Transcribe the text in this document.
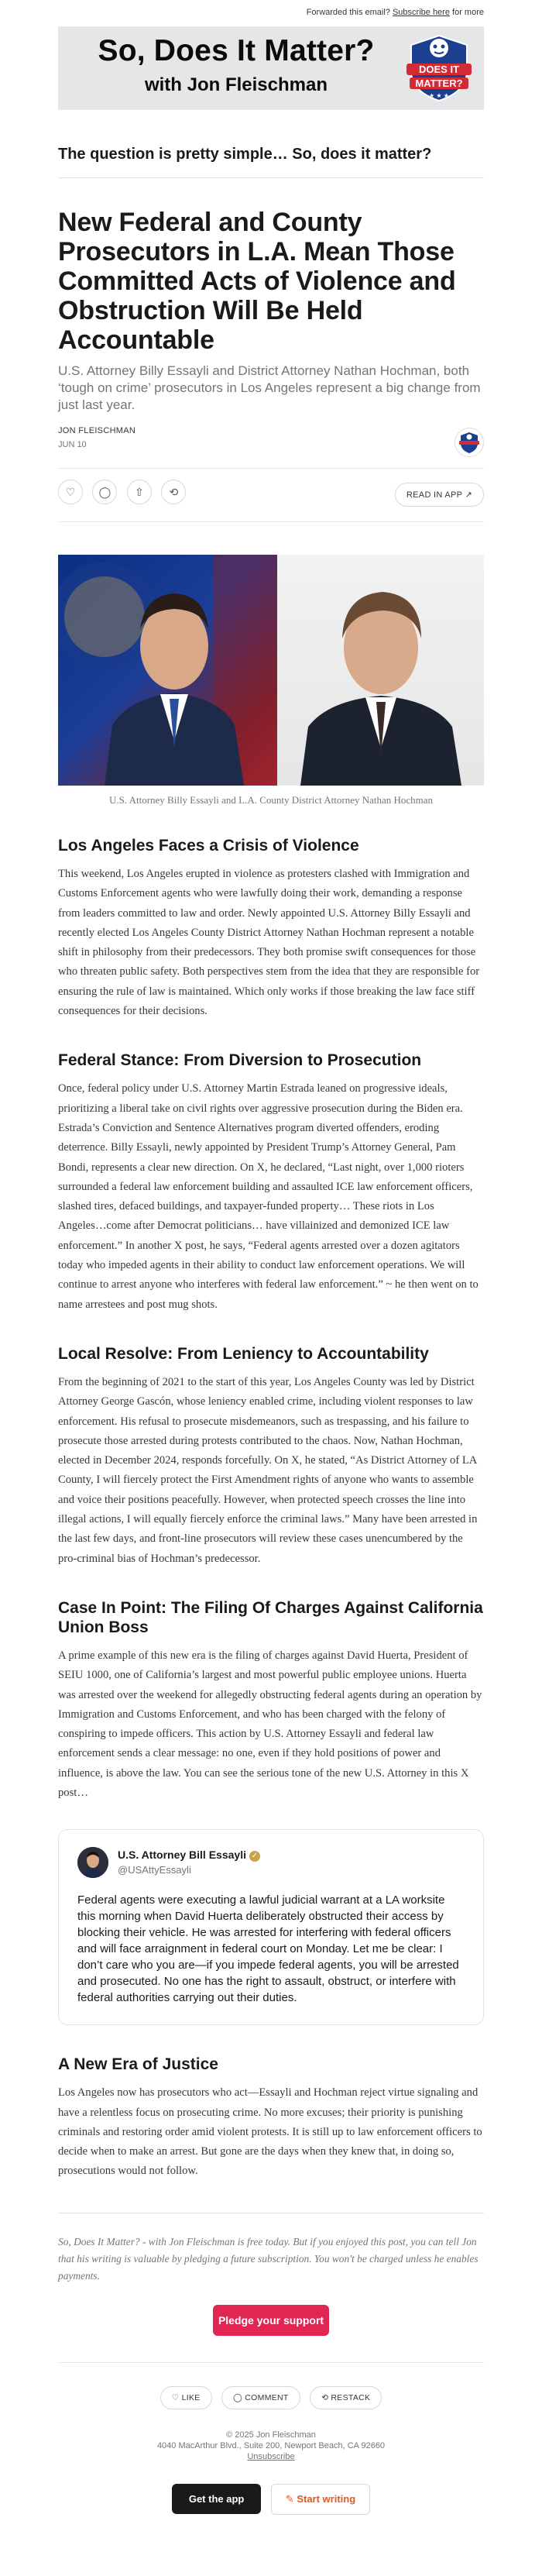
Forwarded this email? Subscribe here for more
So, Does It Matter?
with Jon Fleischman
DOES IT
MATTER?
★ ★ ★
The question is pretty simple… So, does it matter?
New Federal and County Prosecutors in L.A. Mean Those Committed Acts of Violence and Obstruction Will Be Held Accountable
U.S. Attorney Billy Essayli and District Attorney Nathan Hochman, both ‘tough on crime’ prosecutors in Los Angeles represent a big change from just last year.
JON FLEISCHMAN
JUN 10
♡ ◯ ⇧ ⟲	READ IN APP ↗
U.S. Attorney Billy Essayli and L.A. County District Attorney Nathan Hochman
Los Angeles Faces a Crisis of Violence

This weekend, Los Angeles erupted in violence as protesters clashed with Immigration and Customs Enforcement agents who were lawfully doing their work, demanding a response from leaders committed to law and order. Newly appointed U.S. Attorney Billy Essayli and recently elected Los Angeles County District Attorney Nathan Hochman represent a notable shift in philosophy from their predecessors. They both promise swift consequences for those who threaten public safety. Both perspectives stem from the idea that they are responsible for ensuring the rule of law is maintained. Which only works if those breaking the law face stiff consequences for their decisions.

Federal Stance: From Diversion to Prosecution

Once, federal policy under U.S. Attorney Martin Estrada leaned on progressive ideals, prioritizing a liberal take on civil rights over aggressive prosecution during the Biden era. Estrada’s Conviction and Sentence Alternatives program diverted offenders, eroding deterrence. Billy Essayli, newly appointed by President Trump’s Attorney General, Pam Bondi, represents a clear new direction. On X, he declared, “Last night, over 1,000 rioters surrounded a federal law enforcement building and assaulted ICE law enforcement officers, slashed tires, defaced buildings, and taxpayer-funded property… These riots in Los Angeles…come after Democrat politicians… have villainized and demonized ICE law enforcement.” In another X post, he says, “Federal agents arrested over a dozen agitators today who impeded agents in their ability to conduct law enforcement operations. We will continue to arrest anyone who interferes with federal law enforcement.” ~ he then went on to name arrestees and post mug shots.

Local Resolve: From Leniency to Accountability

From the beginning of 2021 to the start of this year, Los Angeles County was led by District Attorney George Gascón, whose leniency enabled crime, including violent responses to law enforcement. His refusal to prosecute misdemeanors, such as trespassing, and his failure to prosecute those arrested during protests contributed to the chaos. Now, Nathan Hochman, elected in December 2024, responds forcefully. On X, he stated, “As District Attorney of LA County, I will fiercely protect the First Amendment rights of anyone who wants to assemble and voice their positions peacefully. However, when protected speech crosses the line into illegal actions, I will equally fiercely enforce the criminal laws.” Many have been arrested in the last few days, and front-line prosecutors will review these cases unencumbered by the pro-criminal bias of Hochman’s predecessor.

Case In Point: The Filing Of Charges Against California Union Boss

A prime example of this new era is the filing of charges against David Huerta, President of SEIU 1000, one of California’s largest and most powerful public employee unions. Huerta was arrested over the weekend for allegedly obstructing federal agents during an operation by Immigration and Customs Enforcement, and who has been charged with the felony of conspiring to impede officers. This action by U.S. Attorney Essayli and federal law enforcement sends a clear message: no one, even if they hold positions of power and influence, is above the law. You can see the serious tone of the new U.S. Attorney in this X post…

U.S. Attorney Bill Essayli ✓
@USAttyEssayli
Federal agents were executing a lawful judicial warrant at a LA worksite this morning when David Huerta deliberately obstructed their access by blocking their vehicle. He was arrested for interfering with federal officers and will face arraignment in federal court on Monday. Let me be clear: I don’t care who you are—if you impede federal agents, you will be arrested and prosecuted. No one has the right to assault, obstruct, or interfere with federal authorities carrying out their duties.
A New Era of Justice

Los Angeles now has prosecutors who act—Essayli and Hochman reject virtue signaling and have a relentless focus on prosecuting crime. No more excuses; their priority is punishing criminals and restoring order amid violent protests. It is still up to law enforcement officers to decide when to make an arrest. But gone are the days when they knew that, in doing so, prosecutions would not follow.

So, Does It Matter? - with Jon Fleischman is free today. But if you enjoyed this post, you can tell Jon that his writing is valuable by pledging a future subscription. You won't be charged unless he enables payments.
Pledge your support
♡ LIKE	◯ COMMENT	⟲ RESTACK
© 2025 Jon Fleischman
4040 MacArthur Blvd., Suite 200, Newport Beach, CA 92660
Unsubscribe
Get the app	✎ Start writing
